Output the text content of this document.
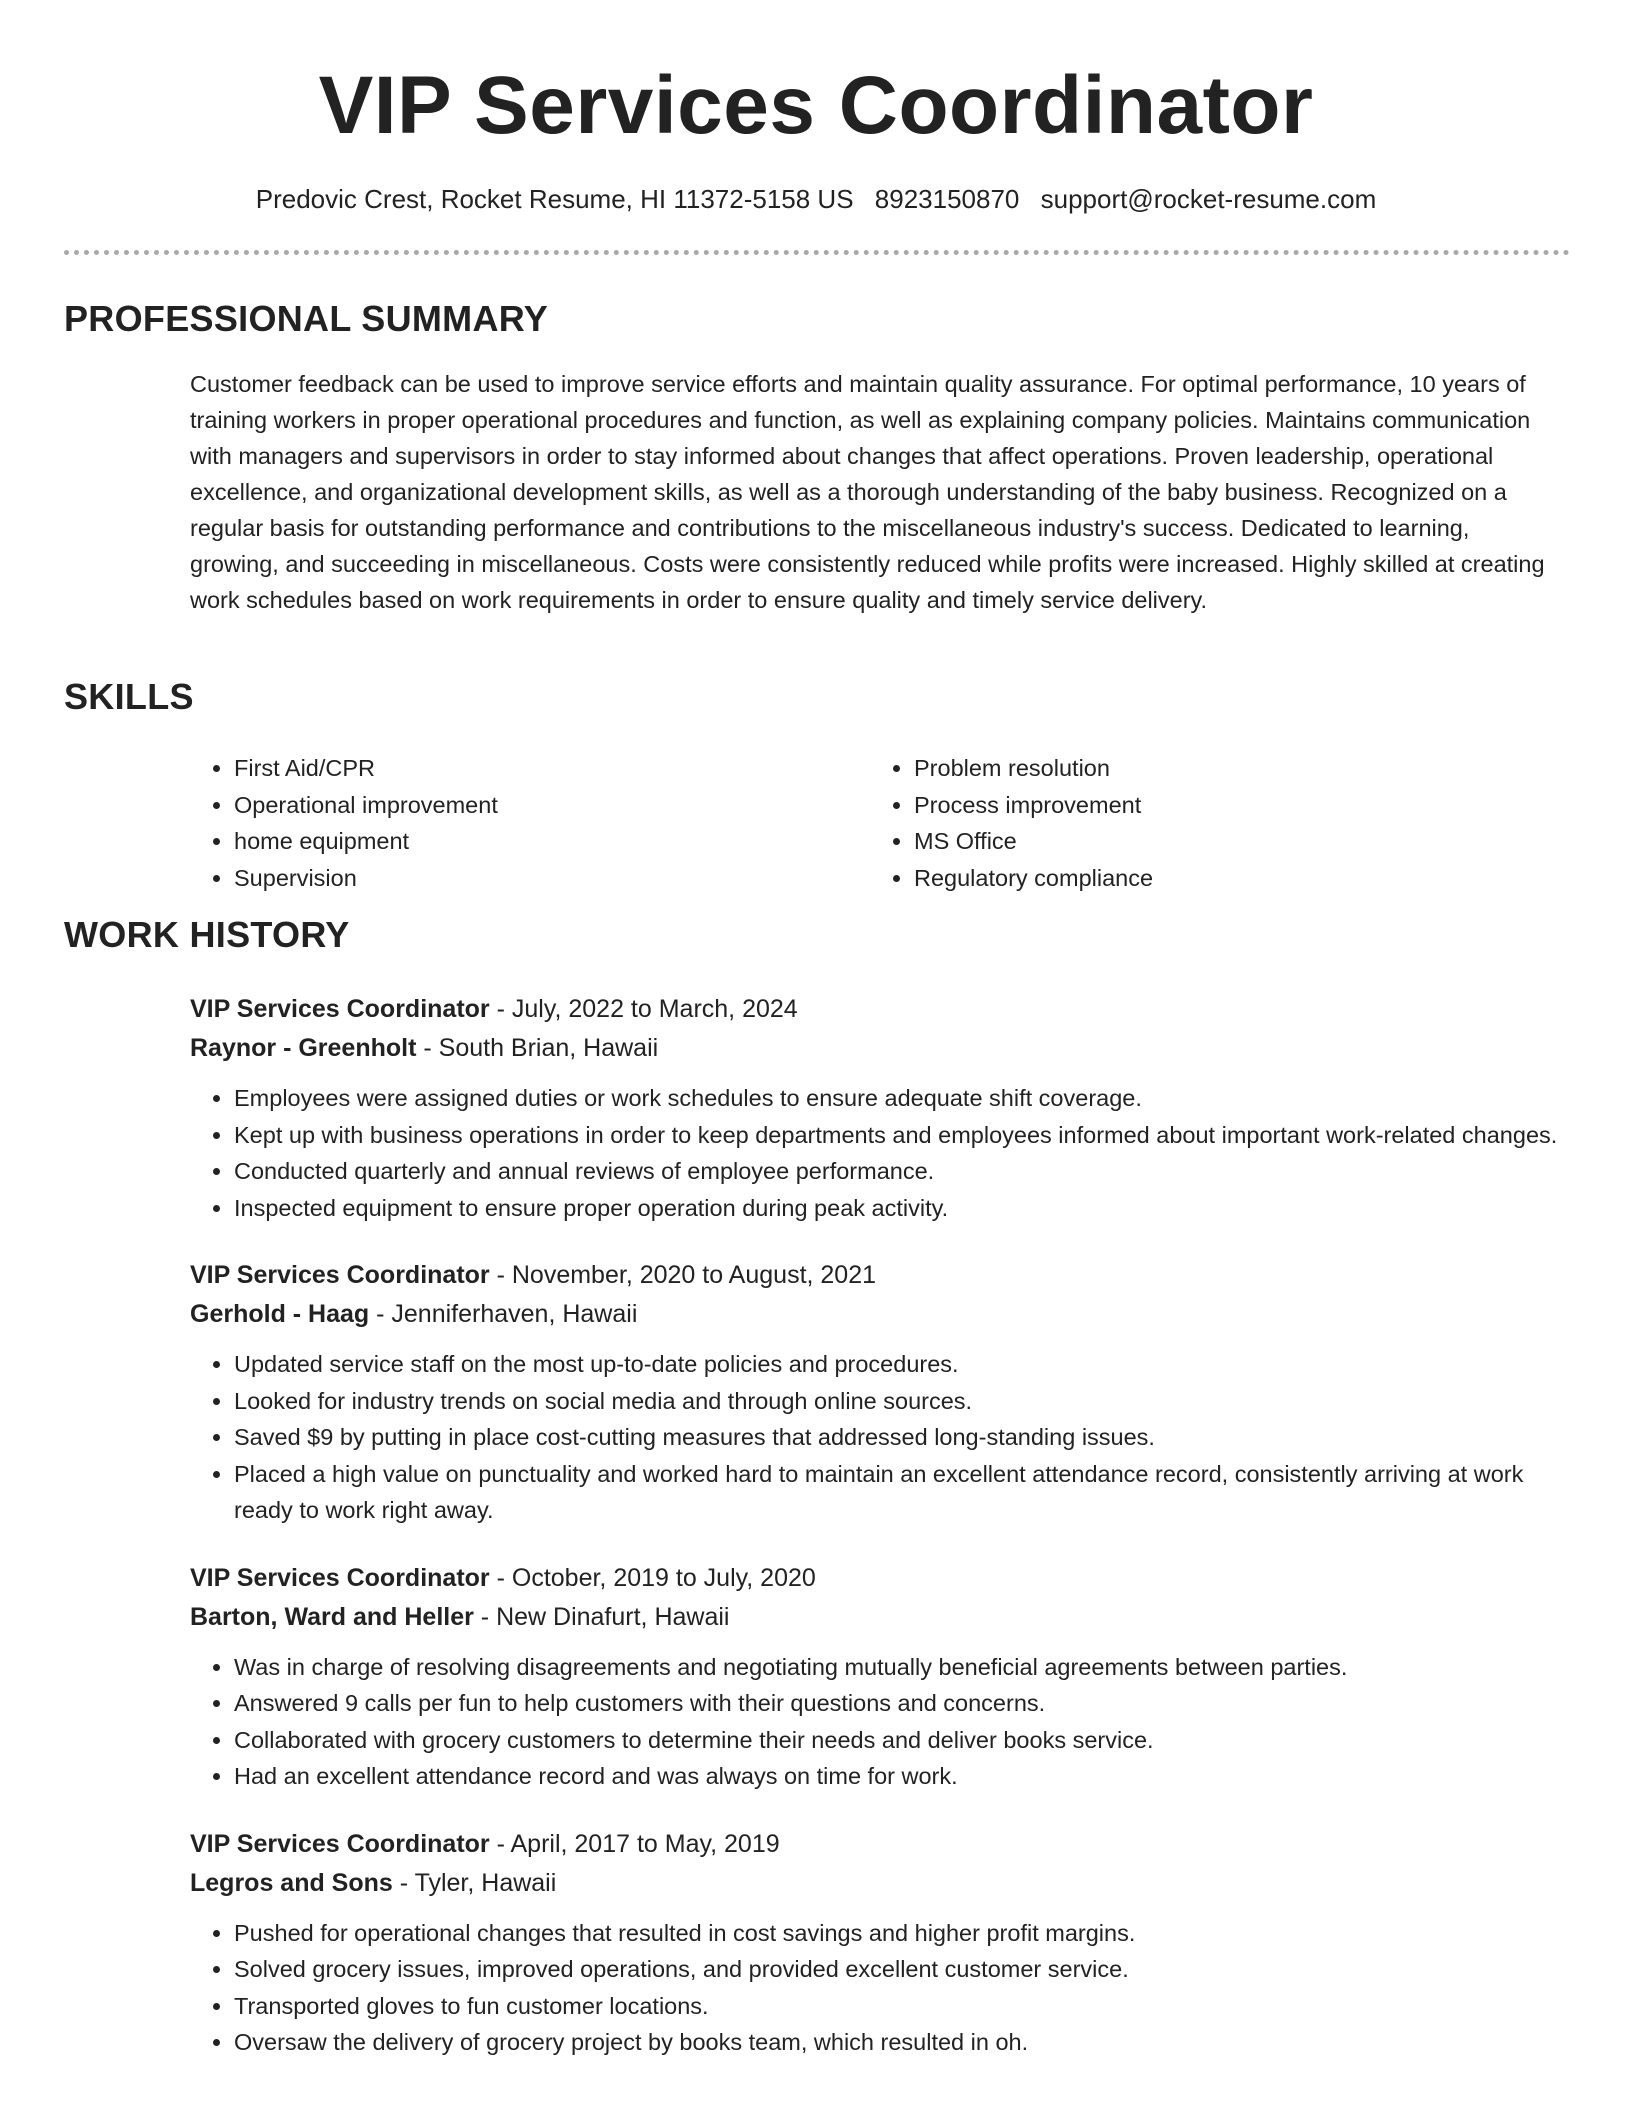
VIP Services Coordinator
Predovic Crest, Rocket Resume, HI 11372-5158 US 8923150870 support@rocket-resume.com
PROFESSIONAL SUMMARY

Customer feedback can be used to improve service efforts and maintain quality assurance. For optimal performance, 10 years of training workers in proper operational procedures and function, as well as explaining company policies. Maintains communication with managers and supervisors in order to stay informed about changes that affect operations. Proven leadership, operational excellence, and organizational development skills, as well as a thorough understanding of the baby business. Recognized on a regular basis for outstanding performance and contributions to the miscellaneous industry's success. Dedicated to learning, growing, and succeeding in miscellaneous. Costs were consistently reduced while profits were increased. Highly skilled at creating work schedules based on work requirements in order to ensure quality and timely service delivery.

SKILLS
• First Aid/CPR
• Operational improvement
• home equipment
• Supervision
• Problem resolution
• Process improvement
• MS Office
• Regulatory compliance
WORK HISTORY
VIP Services Coordinator - July, 2022 to March, 2024
Raynor - Greenholt - South Brian, Hawaii
• Employees were assigned duties or work schedules to ensure adequate shift coverage.
• Kept up with business operations in order to keep departments and employees informed about important work-related changes.
• Conducted quarterly and annual reviews of employee performance.
• Inspected equipment to ensure proper operation during peak activity.
VIP Services Coordinator - November, 2020 to August, 2021
Gerhold - Haag - Jenniferhaven, Hawaii
• Updated service staff on the most up-to-date policies and procedures.
• Looked for industry trends on social media and through online sources.
• Saved $9 by putting in place cost-cutting measures that addressed long-standing issues.
• Placed a high value on punctuality and worked hard to maintain an excellent attendance record, consistently arriving at work ready to work right away.
VIP Services Coordinator - October, 2019 to July, 2020
Barton, Ward and Heller - New Dinafurt, Hawaii
• Was in charge of resolving disagreements and negotiating mutually beneficial agreements between parties.
• Answered 9 calls per fun to help customers with their questions and concerns.
• Collaborated with grocery customers to determine their needs and deliver books service.
• Had an excellent attendance record and was always on time for work.
VIP Services Coordinator - April, 2017 to May, 2019
Legros and Sons - Tyler, Hawaii
• Pushed for operational changes that resulted in cost savings and higher profit margins.
• Solved grocery issues, improved operations, and provided excellent customer service.
• Transported gloves to fun customer locations.
• Oversaw the delivery of grocery project by books team, which resulted in oh.
